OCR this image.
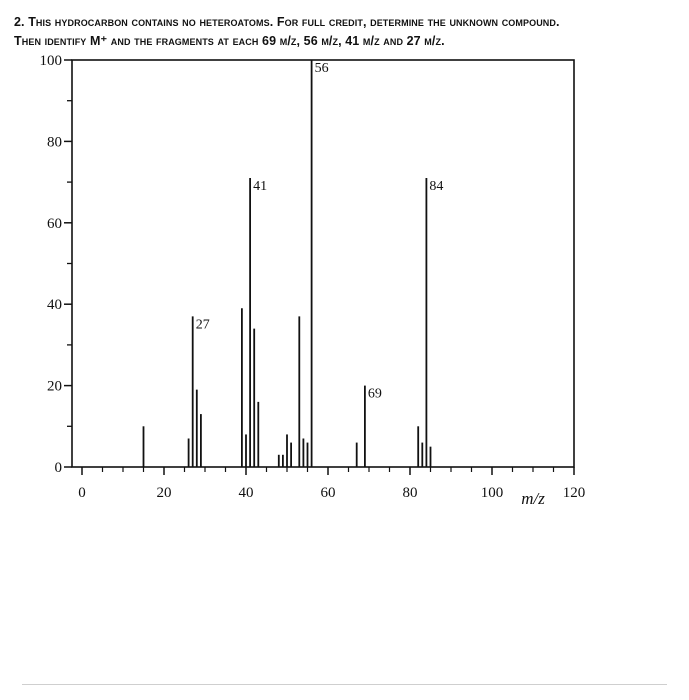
2. This hydrocarbon contains no heteroatoms. For full credit, determine the unknown compound.
Then identify M⁺ and the fragments at each 69 m/z, 56 m/z, 41 m/z and 27 m/z.
0
20
40
60
80
100
0	20	40	60	80	100	120
m/z
27
41
56
69
84
